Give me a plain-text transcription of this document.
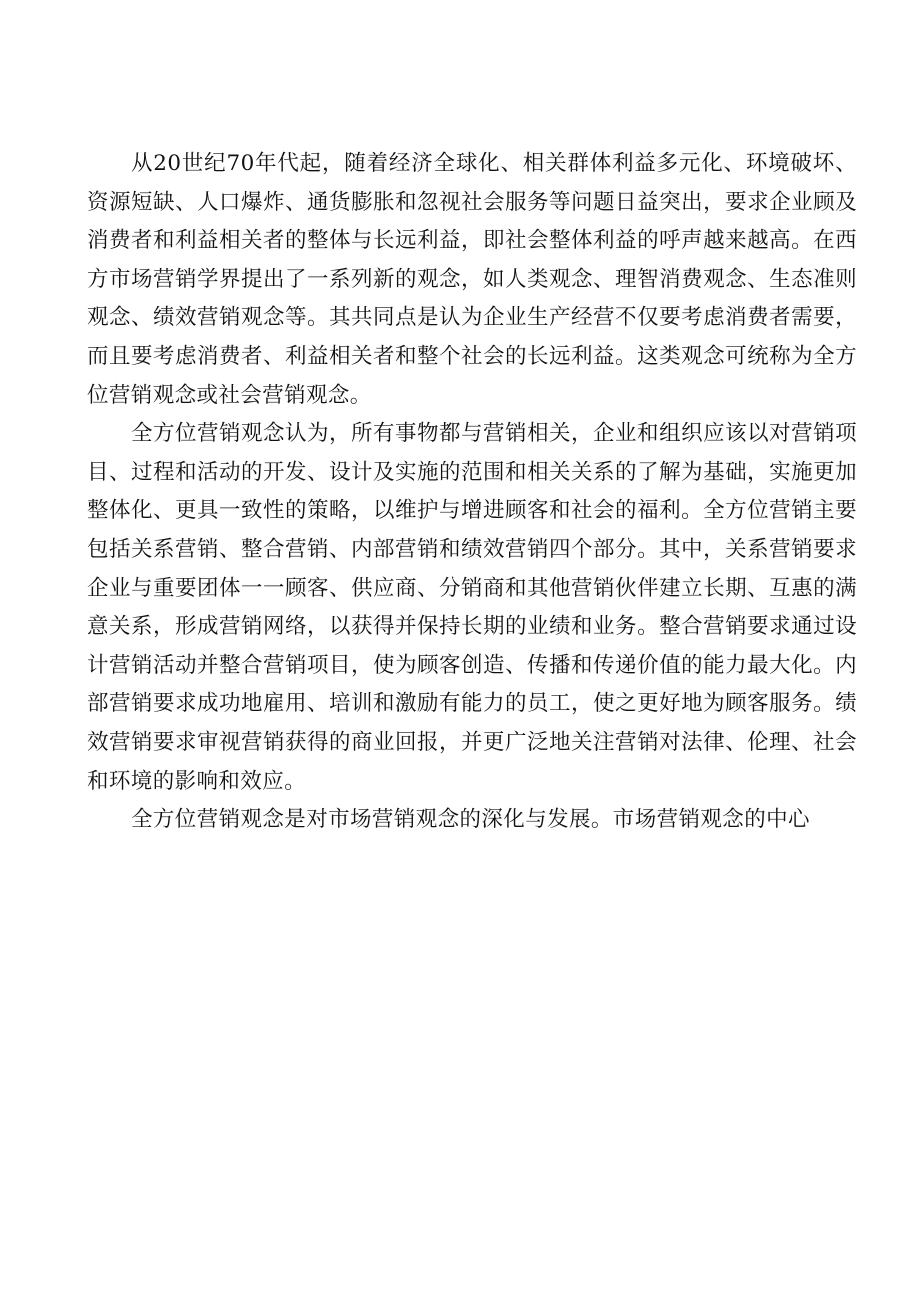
从20世纪70年代起，随着经济全球化、相关群体利益多元化、环境破坏、资源短缺、人口爆炸、通货膨胀和忽视社会服务等问题日益突出，要求企业顾及消费者和利益相关者的整体与长远利益，即社会整体利益的呼声越来越高。在西方市场营销学界提出了一系列新的观念，如人类观念、理智消费观念、生态准则观念、绩效营销观念等。其共同点是认为企业生产经营不仅要考虑消费者需要，而且要考虑消费者、利益相关者和整个社会的长远利益。这类观念可统称为全方位营销观念或社会营销观念。

全方位营销观念认为，所有事物都与营销相关，企业和组织应该以对营销项目、过程和活动的开发、设计及实施的范围和相关关系的了解为基础，实施更加整体化、更具一致性的策略，以维护与增进顾客和社会的福利。全方位营销主要包括关系营销、整合营销、内部营销和绩效营销四个部分。其中，关系营销要求企业与重要团体一一顾客、供应商、分销商和其他营销伙伴建立长期、互惠的满意关系，形成营销网络，以获得并保持长期的业绩和业务。整合营销要求通过设计营销活动并整合营销项目，使为顾客创造、传播和传递价值的能力最大化。内部营销要求成功地雇用、培训和激励有能力的员工，使之更好地为顾客服务。绩效营销要求审视营销获得的商业回报，并更广泛地关注营销对法律、伦理、社会和环境的影响和效应。

全方位营销观念是对市场营销观念的深化与发展。市场营销观念的中心
